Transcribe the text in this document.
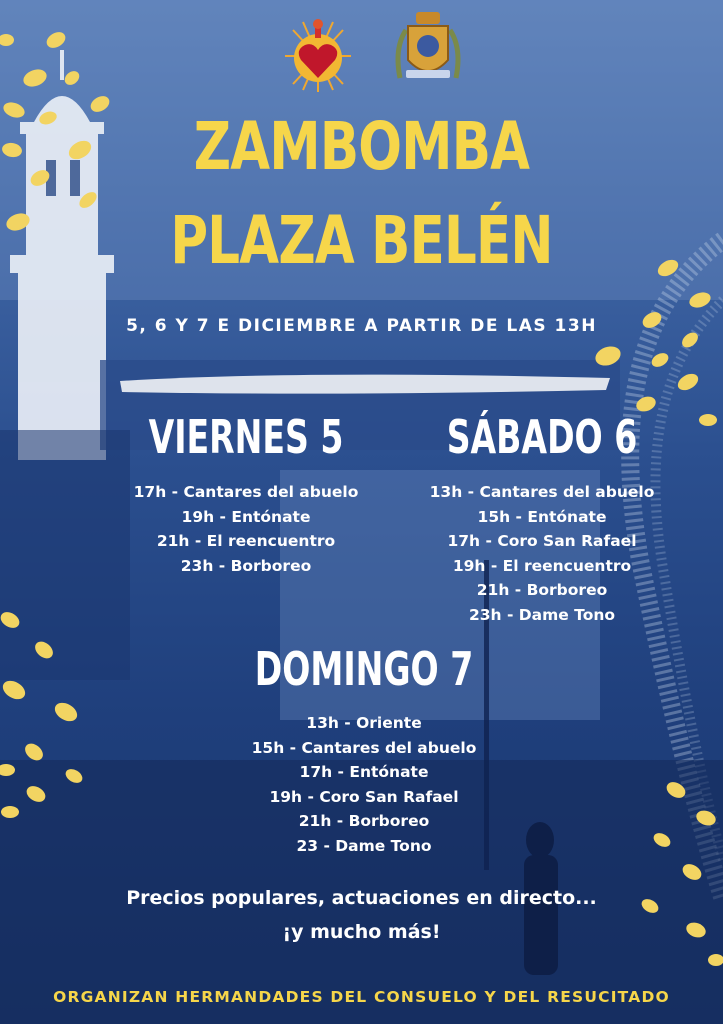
ZAMBOMBA
PLAZA BELÉN
5, 6 Y 7 E DICIEMBRE A PARTIR DE LAS 13H
VIERNES 5
17h - Cantares del abuelo
19h - Entónate
21h - El reencuentro
23h - Borboreo
SÁBADO 6
13h - Cantares del abuelo
15h - Entónate
17h - Coro San Rafael
19h - El reencuentro
21h - Borboreo
23h - Dame Tono
DOMINGO 7
13h - Oriente
15h - Cantares del abuelo
17h - Entónate
19h - Coro San Rafael
21h - Borboreo
23 - Dame Tono
Precios populares, actuaciones en directo...
¡y mucho más!
ORGANIZAN HERMANDADES DEL CONSUELO Y DEL RESUCITADO
